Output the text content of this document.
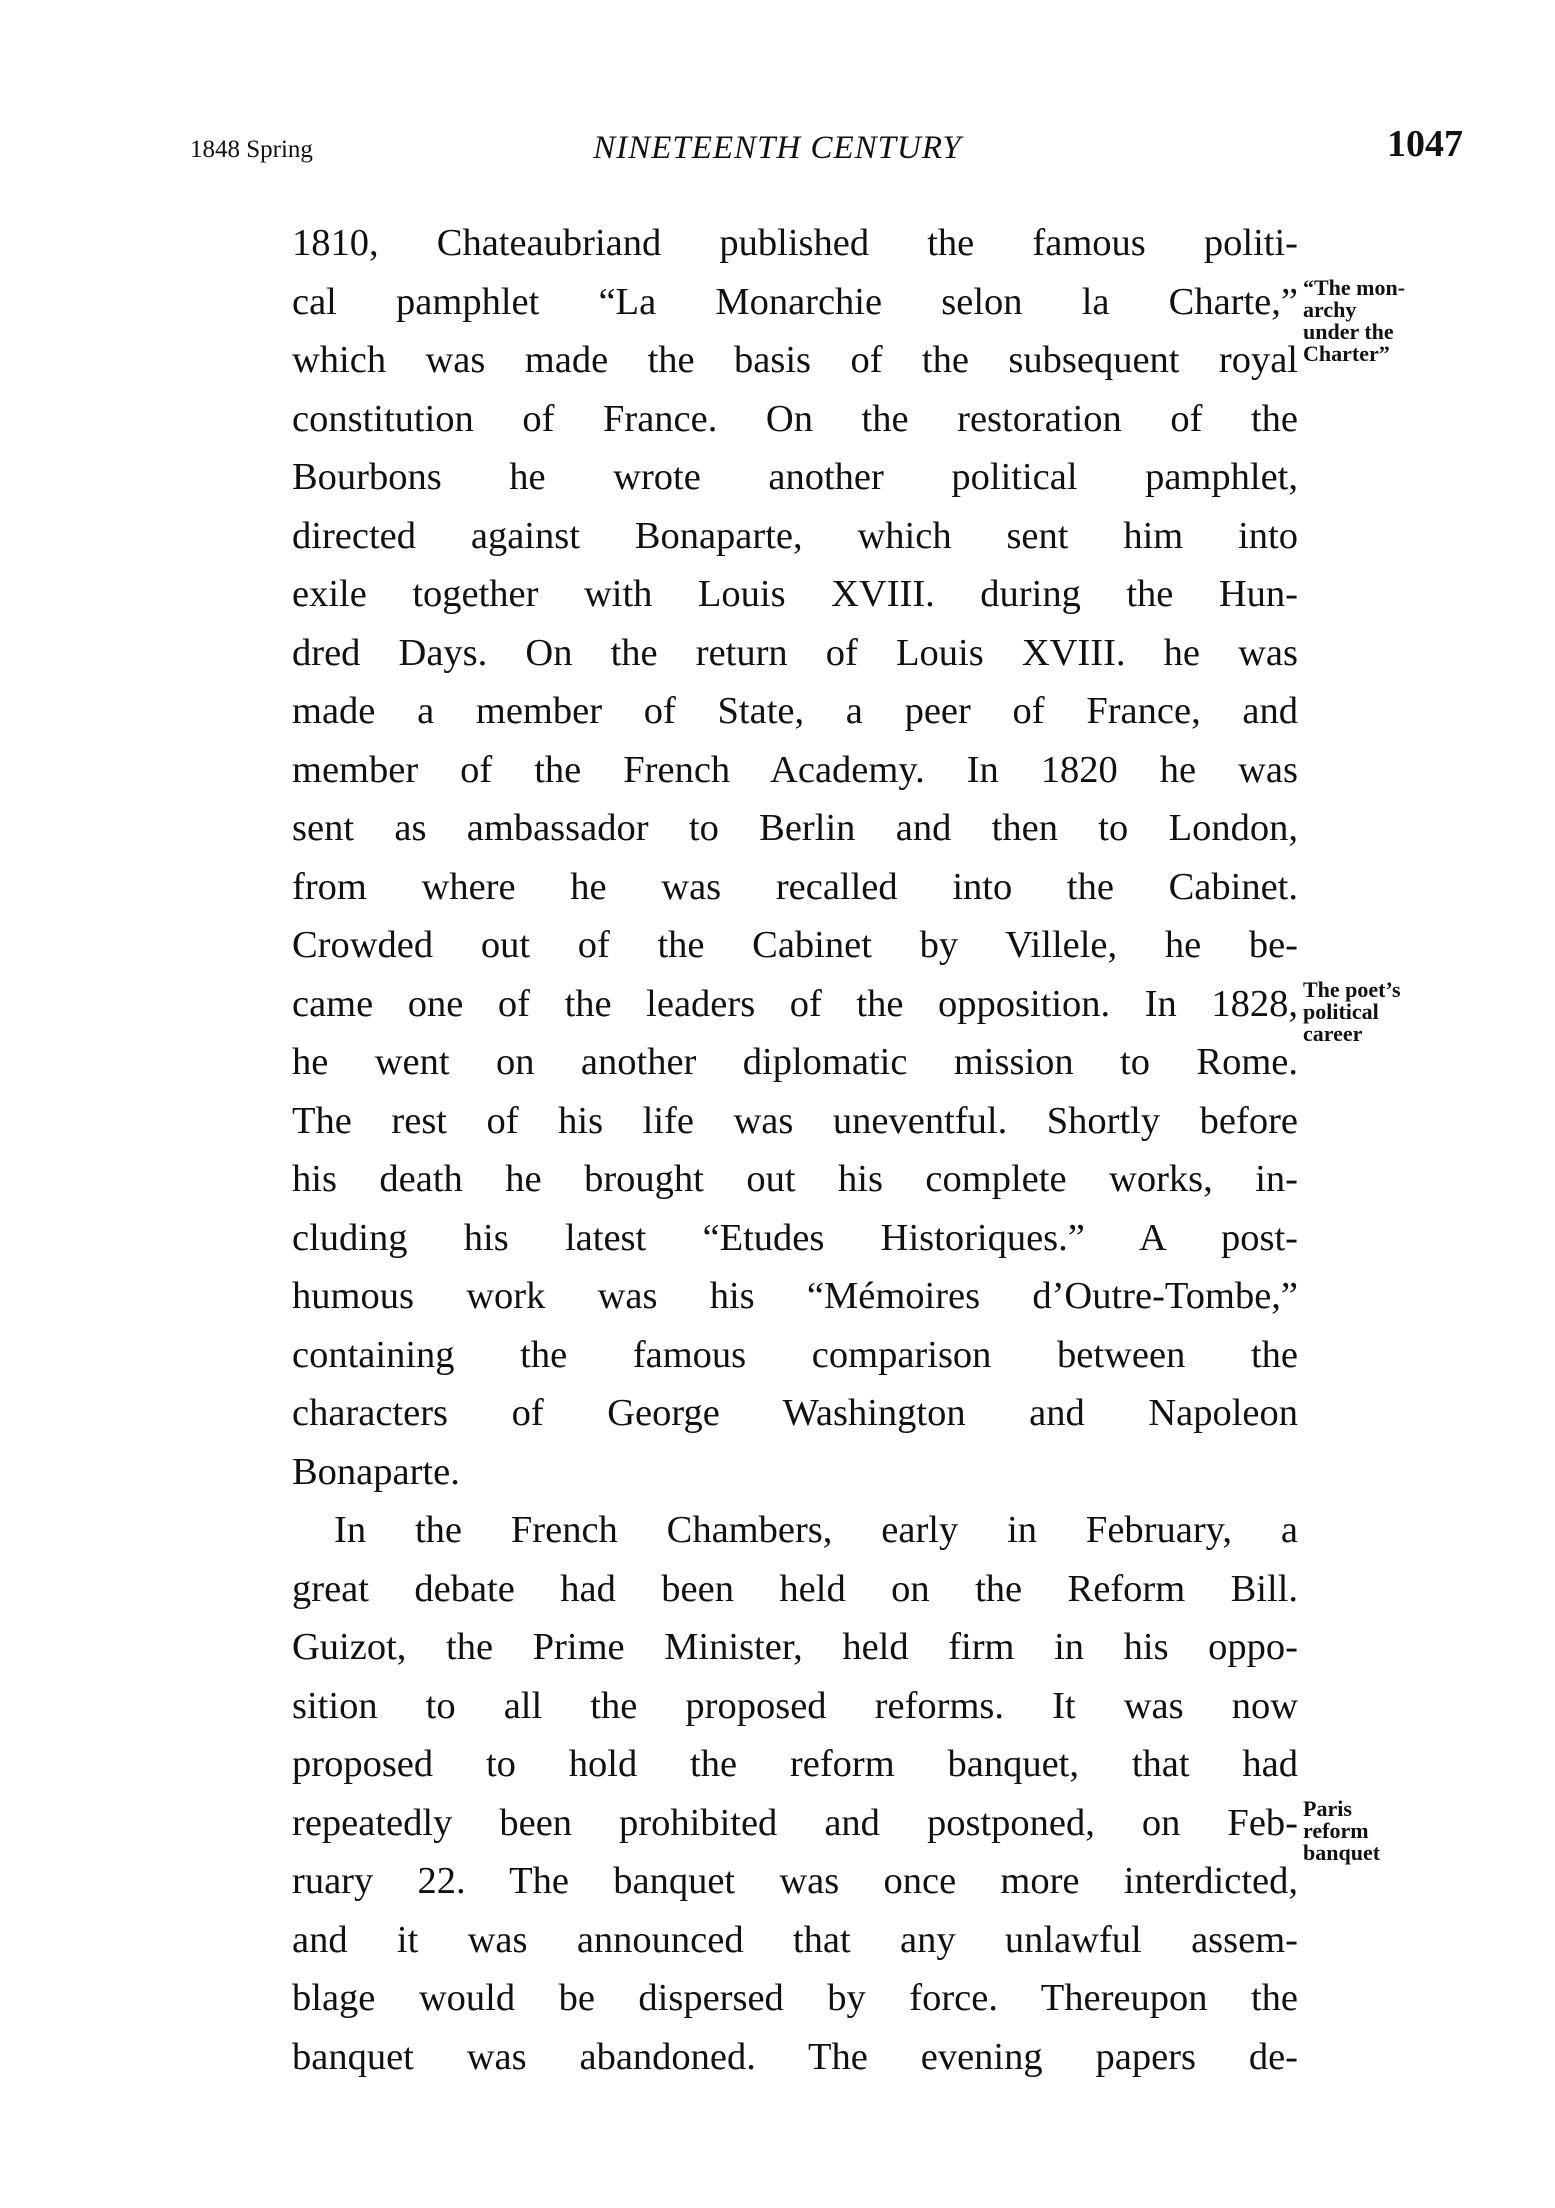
1848 Spring	NINETEENTH CENTURY	1047
1810, Chateaubriand published the famous politi-
cal pamphlet “La Monarchie selon la Charte,”
which was made the basis of the subsequent royal
constitution of France. On the restoration of the
Bourbons he wrote another political pamphlet,
directed against Bonaparte, which sent him into
exile together with Louis XVIII. during the Hun-
dred Days. On the return of Louis XVIII. he was
made a member of State, a peer of France, and
member of the French Academy. In 1820 he was
sent as ambassador to Berlin and then to London,
from where he was recalled into the Cabinet.
Crowded out of the Cabinet by Villele, he be-
came one of the leaders of the opposition. In 1828,
he went on another diplomatic mission to Rome.
The rest of his life was uneventful. Shortly before
his death he brought out his complete works, in-
cluding his latest “Etudes Historiques.” A post-
humous work was his “Mémoires d’Outre-Tombe,”
containing the famous comparison between the
characters of George Washington and Napoleon
Bonaparte.
In the French Chambers, early in February, a
great debate had been held on the Reform Bill.
Guizot, the Prime Minister, held firm in his oppo-
sition to all the proposed reforms. It was now
proposed to hold the reform banquet, that had
repeatedly been prohibited and postponed, on Feb-
ruary 22. The banquet was once more interdicted,
and it was announced that any unlawful assem-
blage would be dispersed by force. Thereupon the
banquet was abandoned. The evening papers de-
“The mon-
archy
under the
Charter”
The poet’s
political
career
Paris
reform
banquet
